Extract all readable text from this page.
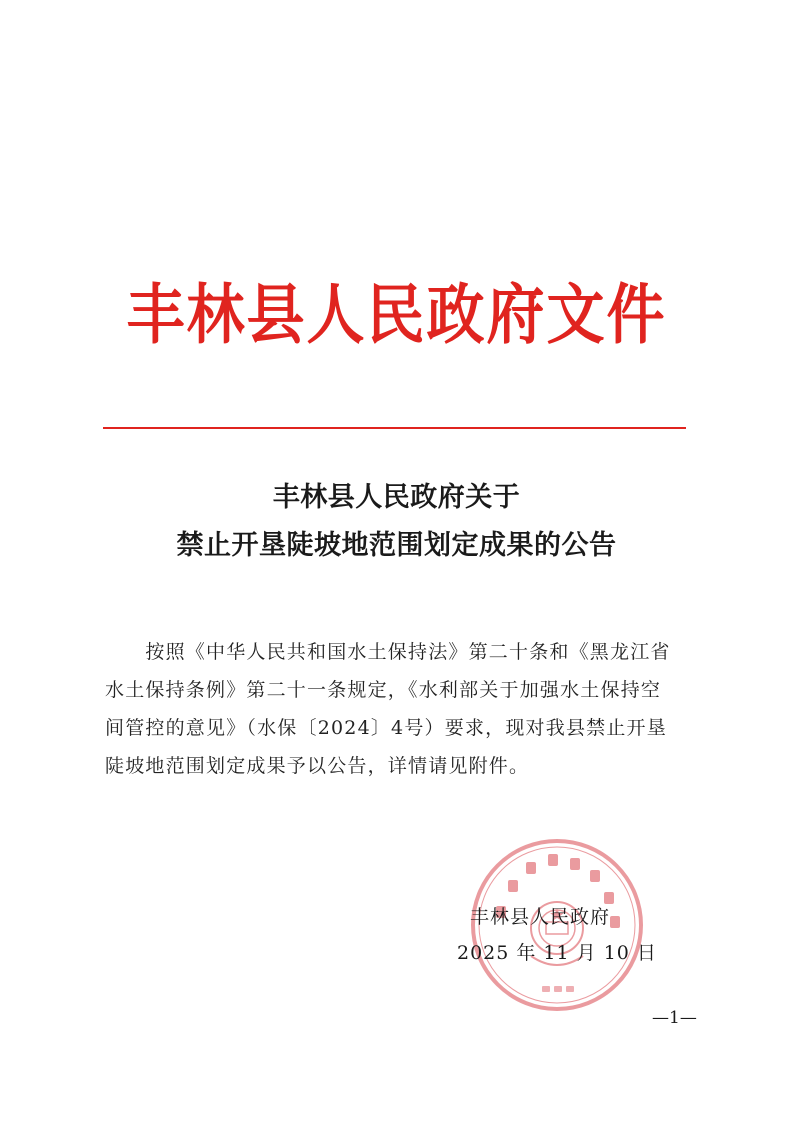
丰林县人民政府文件
丰林县人民政府关于
禁止开垦陡坡地范围划定成果的公告
　　按照《中华人民共和国水土保持法》第二十条和《黑龙江省
水土保持条例》第二十一条规定，《水利部关于加强水土保持空
间管控的意见》（水保〔2024〕4号）要求，现对我县禁止开垦
陡坡地范围划定成果予以公告，详情请见附件。
丰林县人民政府
2025 年 11 月 10 日
—1—
